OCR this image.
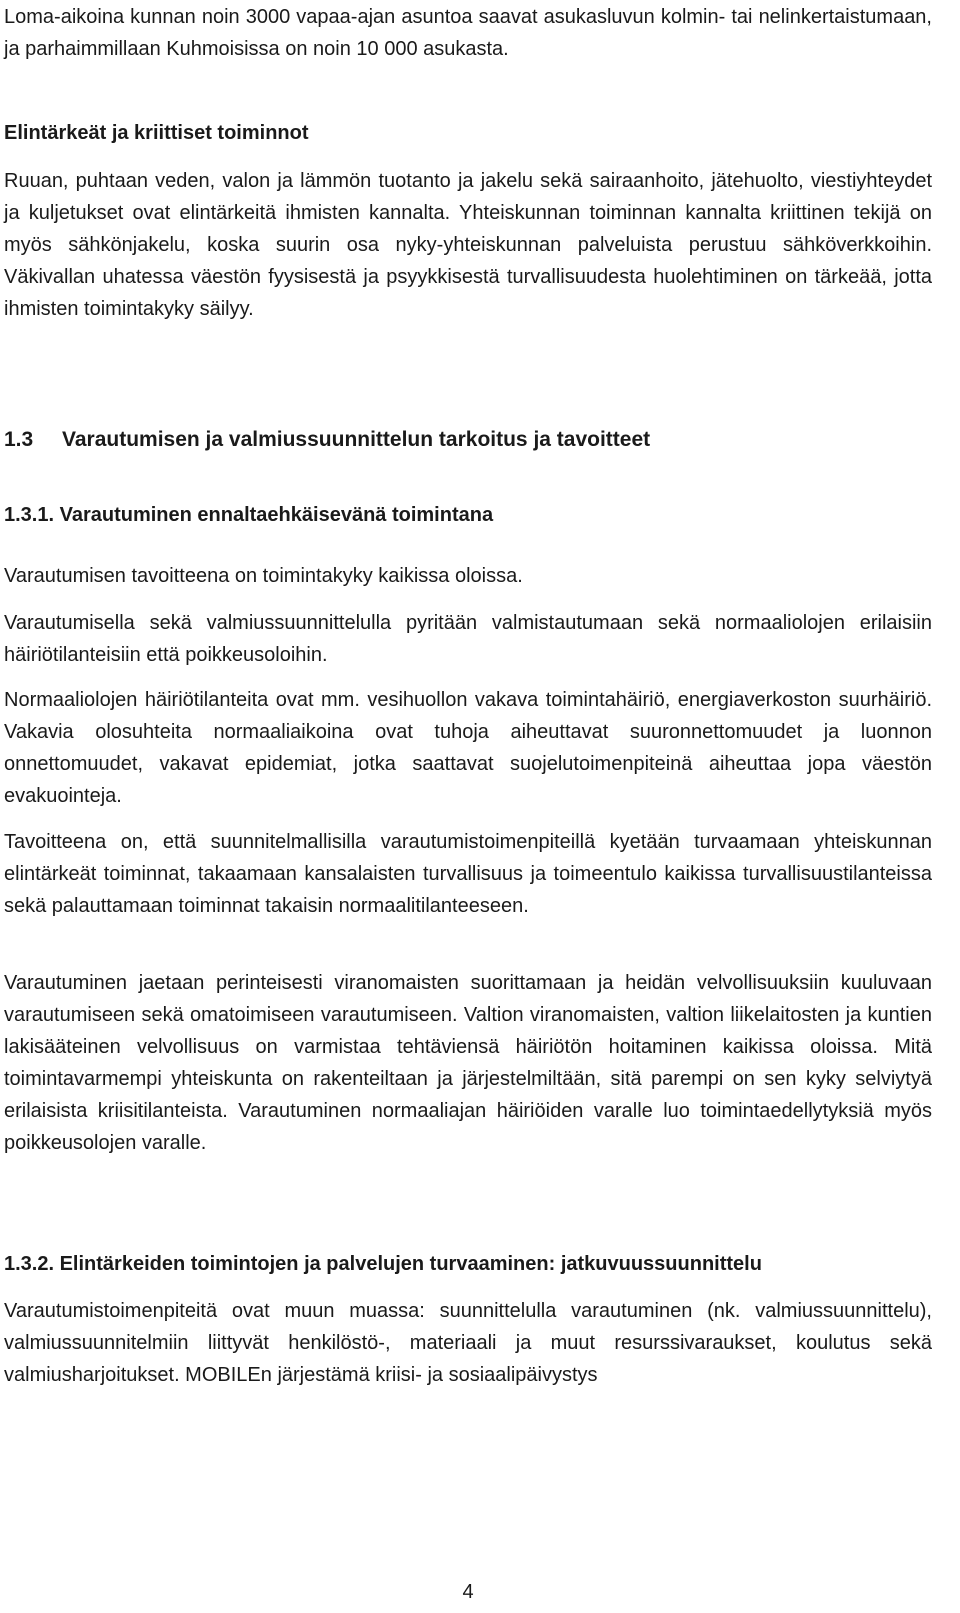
Loma-aikoina kunnan noin 3000 vapaa-ajan asuntoa saavat asukasluvun kolmin- tai nelinkertaistumaan, ja parhaimmillaan Kuhmoisissa on noin 10 000 asukasta.

Elintärkeät ja kriittiset toiminnot

Ruuan, puhtaan veden, valon ja lämmön tuotanto ja jakelu sekä sairaanhoito, jätehuolto, viestiyhteydet ja kuljetukset ovat elintärkeitä ihmisten kannalta. Yhteiskunnan toiminnan kannalta kriittinen tekijä on myös sähkönjakelu, koska suurin osa nyky-yhteiskunnan palveluista perustuu sähköverkkoihin. Väkivallan uhatessa väestön fyysisestä ja psyykkisestä turvallisuudesta huolehtiminen on tärkeää, jotta ihmisten toimintakyky säilyy.

1.3 Varautumisen ja valmiussuunnittelun tarkoitus ja tavoitteet
1.3.1. Varautuminen ennaltaehkäisevänä toimintana

Varautumisen tavoitteena on toimintakyky kaikissa oloissa.

Varautumisella sekä valmiussuunnittelulla pyritään valmistautumaan sekä normaaliolojen erilaisiin häiriötilanteisiin että poikkeusoloihin.

Normaaliolojen häiriötilanteita ovat mm. vesihuollon vakava toimintahäiriö, energiaverkoston suurhäiriö. Vakavia olosuhteita normaaliaikoina ovat tuhoja aiheuttavat suuronnettomuudet ja luonnon onnettomuudet, vakavat epidemiat, jotka saattavat suojelutoimenpiteinä aiheuttaa jopa väestön evakuointeja.

Tavoitteena on, että suunnitelmallisilla varautumistoimenpiteillä kyetään turvaamaan yhteiskunnan elintärkeät toiminnat, takaamaan kansalaisten turvallisuus ja toimeentulo kaikissa turvallisuustilanteissa sekä palauttamaan toiminnat takaisin normaalitilanteeseen.

Varautuminen jaetaan perinteisesti viranomaisten suorittamaan ja heidän velvollisuuksiin kuuluvaan varautumiseen sekä omatoimiseen varautumiseen. Valtion viranomaisten, valtion liikelaitosten ja kuntien lakisääteinen velvollisuus on varmistaa tehtäviensä häiriötön hoitaminen kaikissa oloissa. Mitä toimintavarmempi yhteiskunta on rakenteiltaan ja järjestelmiltään, sitä parempi on sen kyky selviytyä erilaisista kriisitilanteista. Varautuminen normaaliajan häiriöiden varalle luo toimintaedellytyksiä myös poikkeusolojen varalle.

1.3.2. Elintärkeiden toimintojen ja palvelujen turvaaminen: jatkuvuussuunnittelu

Varautumistoimenpiteitä ovat muun muassa: suunnittelulla varautuminen (nk. valmiussuunnittelu), valmiussuunnitelmiin liittyvät henkilöstö-, materiaali ja muut resurssivaraukset, koulutus sekä valmiusharjoitukset. MOBILEn järjestämä kriisi- ja sosiaalipäivystys

4
